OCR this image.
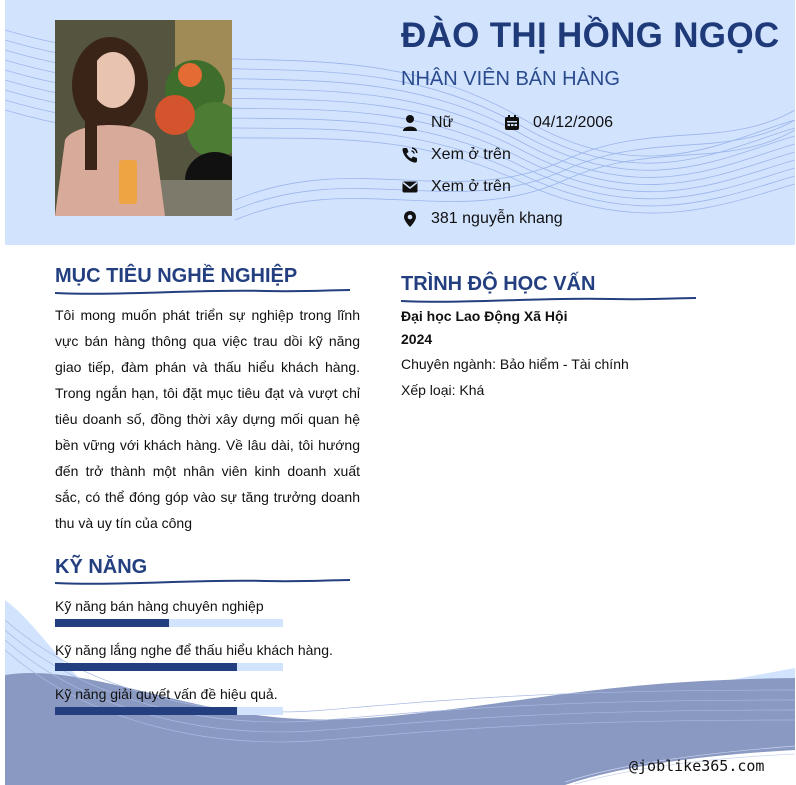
ĐÀO THỊ HỒNG NGỌC
NHÂN VIÊN BÁN HÀNG
Nữ	04/12/2006
Xem ở trên
Xem ở trên
381 nguyễn khang
MỤC TIÊU NGHỀ NGHIỆP
Tôi mong muốn phát triển sự nghiệp trong lĩnh vực bán hàng thông qua việc trau dồi kỹ năng giao tiếp, đàm phán và thấu hiểu khách hàng. Trong ngắn hạn, tôi đặt mục tiêu đạt và vượt chỉ tiêu doanh số, đồng thời xây dựng mối quan hệ bền vững với khách hàng. Về lâu dài, tôi hướng đến trở thành một nhân viên kinh doanh xuất sắc, có thể đóng góp vào sự tăng trưởng doanh thu và uy tín của công
TRÌNH ĐỘ HỌC VẤN
Đại học Lao Động Xã Hội
2024
Chuyên ngành: Bảo hiểm - Tài chính
Xếp loại: Khá
KỸ NĂNG
Kỹ năng bán hàng chuyên nghiệp
Kỹ năng lắng nghe để thấu hiểu khách hàng.
Kỹ năng giải quyết vấn đề hiệu quả.
@joblike365.com
